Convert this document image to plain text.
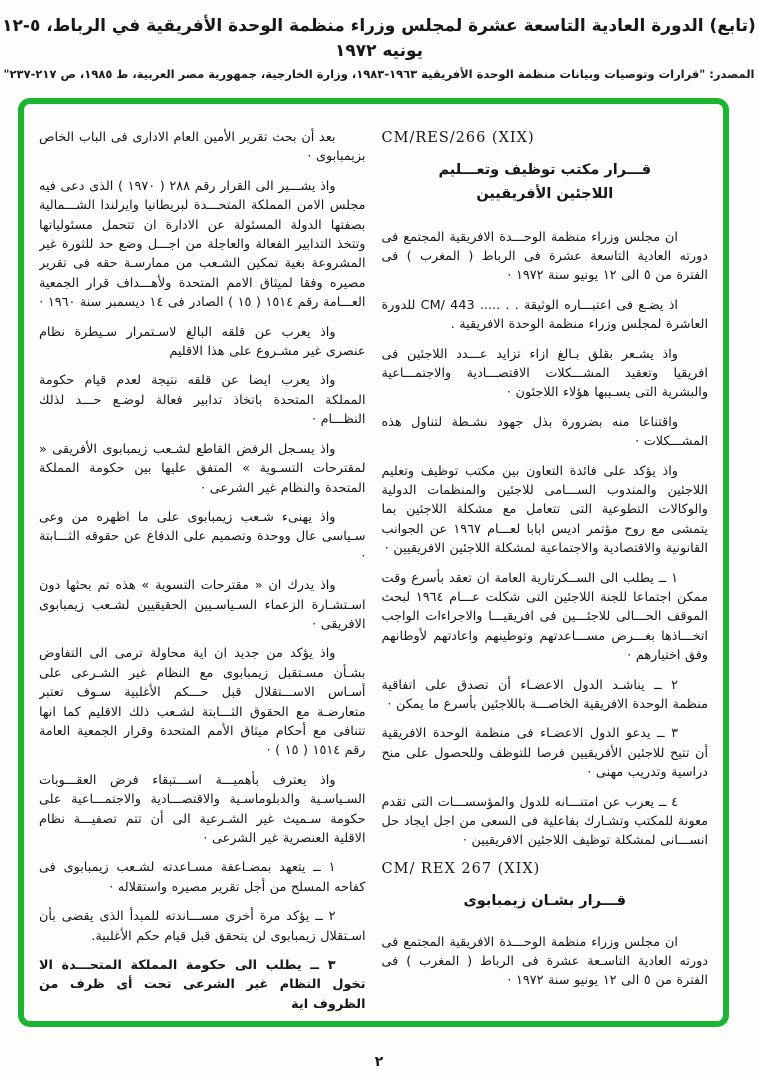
(تابع) الدورة العادية التاسعة عشرة لمجلس وزراء منظمة الوحدة الأفريقية في الرباط، ٥-١٢ يونيه ١٩٧٢
المصدر: "قرارات وتوصيات وبيانات منظمة الوحدة الأفريقية ١٩٦٣-١٩٨٣، وزارة الخارجية، جمهورية مصر العربية، ط ١٩٨٥، ص ٢١٧-٢٣٧"

CM/RES/266 (XIX)

قـــرار مكتب توظيف وتعـــليم

اللاجئين الأفريقيين

ان مجلس وزراء منظمة الوحـــدة الافريقية المجتمع فى دورته العادية التاسعة عشرة فى الرباط ( المغرب ) فى الفترة من ٥ الى ١٢ يونيو سنة ١٩٧٢ ·

اذ يضـع فى اعتبـــاره الوثيقة . . ..... CM/ 443 للدورة العاشرة لمجلس وزراء منظمة الوحدة الافريقية .

واذ يشـعر بقلق بـالغ ازاء تزايد عـــدد اللاجئين فى افريقيا وتعقيد المشـــكلات الاقتصـــادية والاجتمـــاعية والبشرية التى يسـببها هؤلاء اللاجئون ·

واقتناعا منه بضرورة بذل جهود نشـطة لتناول هذه المشـــكلات ·

واذ يؤكد على فائدة التعاون بين مكتب توظيف وتعليم اللاجئين والمندوب الســـامى للاجئين والمنظمات الدولية والوكالات التطوعية التى تتعامل مع مشكلة اللاجئين بما يتمشى مع روح مؤتمر اديس ابابا لعـــام ١٩٦٧ عن الجوانب القانونية والاقتصادية والاجتماعية لمشكلة اللاجئين الافريقيين ·

١ ــ يطلب الى الســكرتارية العامة ان تعقد بأسرع وقت ممكن اجتماعا للجنة اللاجئين التى شكلت عـــام ١٩٦٤ لبحث الموقف الحـــالى للاجئـــين فى افريقيـــا والاجراءات الواجب اتخـــاذها بغـــرض مســـاعدتهم وتوطينهم واعادتهم لأوطانهم وفق اختيارهم ·

٢ ــ يناشـد الدول الاعضـاء أن تصدق على اتفاقية منظمة الوحدة الافريقية الخاصـــة باللاجئين بأسرع ما يمكن ·

٣ ــ يدعو الدول الاعضـاء فى منظمة الوحدة الافريقية أن تتيح للاجئين الأفريقيين فرصا للتوظف وللحصول على منح دراسية وتدريب مهنى ·

٤ ــ يعرب عن امتنـــانه للدول والمؤسســـات التى تقدم معونة للمكتب وتشـارك بفاعلية فى السعى من اجل ايجاد حل انســـانى لمشكلة توظيف اللاجئين الافريقيين ·

CM/ REX 267 (XIX)

قـــرار بشـان زيمبابوى

ان مجلس وزراء منظمة الوحـــدة الافريقية المجتمع فى دورته العادية التاسـعة عشرة فى الرباط ( المغرب ) فى الفترة من ٥ الى ١٢ يونيو سنة ١٩٧٢ ·

بعد أن بحث تقرير الأمين العام الادارى فى الباب الخاص بزيمبابوى ·

واذ يشـــير الى القرار رقم ٢٨٨ ( ١٩٧٠ ) الذى دعى فيه مجلس الامن المملكة المتحـــدة لبريطانيا وايرلندا الشـــمالية بصفتها الدولة المسئولة عن الادارة ان تتحمل مسئولياتها وتتخذ التدابير الفعالة والعاجلة من اجـــل وضع حد للثورة غير المشروعة بغية تمكين الشـعب من ممارسـة حقه فى تقرير مصيره وفقا لميثاق الامم المتحدة ولأهـــداف قرار الجمعية العـــامة رقم ١٥١٤ ( ١٥ ) الصادر فى ١٤ ديسمبر سنة ١٩٦٠ ·

واذ يعرب عن قلقه البالغ لاسـتمرار سـيطرة نظام عنصرى غير مشـروع على هذا الاقليم

واذ يعرب ايضا عن قلقه نتيجة لعدم قيام حكومة المملكة المتحدة باتخاذ تدابير فعالة لوضـع حـــد لذلك النظـــام ·

واذ يسـجل الرفض القاطع لشـعب زيمبابوى الأفريقى « لمقترحات التسـوية » المتفق عليها بين حكومة المملكة المتحدة والنظام غير الشرعى ·

واذ يهنىء شـعب زيمبابوى على ما اظهره من وعى سـياسى عال ووحدة وتصميم على الدفاع عن حقوقه الثـــابتة ·

واذ يدرك ان « مقترحات التسوية » هذه تم بحثها دون اسـتشـارة الزعماء السـياسـيين الحقيقيين لشـعب زيمبابوى الافريقى ·

واذ يؤكد من جديد ان اية محاولة ترمى الى التفاوض بشـأن مسـتقبل زيمبابوى مع النظام غير الشـرعى على أسـاس الاســـتقلال قبل حـــكم الأغلبية سـوف تعتبر متعارضـة مع الحقوق الثـــابتة لشـعب ذلك الاقليم كما انها تتنافى مع أحكام ميثاق الأمم المتحدة وقرار الجمعية العامة رقم ١٥١٤ ( ١٥ ) ·

واذ يعترف بأهميـــة اســـتبقاء فرض العقـــوبات السـياسـية والدبلوماسـية والاقتصـــادية والاجتمـــاعية على حكومة سـميث غير الشـرعية الى أن تتم تصفيـــة نظام الاقلية العنصرية غير الشرعى ·

١ ــ يتعهد بمضـاعفة مسـاعدته لشـعب زيمبابوى فى كفاحه المسلح من أجل تقرير مصيره واستقلاله ·

٢ ــ يؤكد مرة أخرى مســـاندته للمبدأ الذى يقضى بأن اسـتقلال زيمبابوى لن يتحقق قبل قيام حكم الأغلبية.

٣ ــ يطلب الى حكومة المملكة المتحـــدة الا تخول النظام غير الشرعى تحت أى ظرف من الظروف اية

٢
